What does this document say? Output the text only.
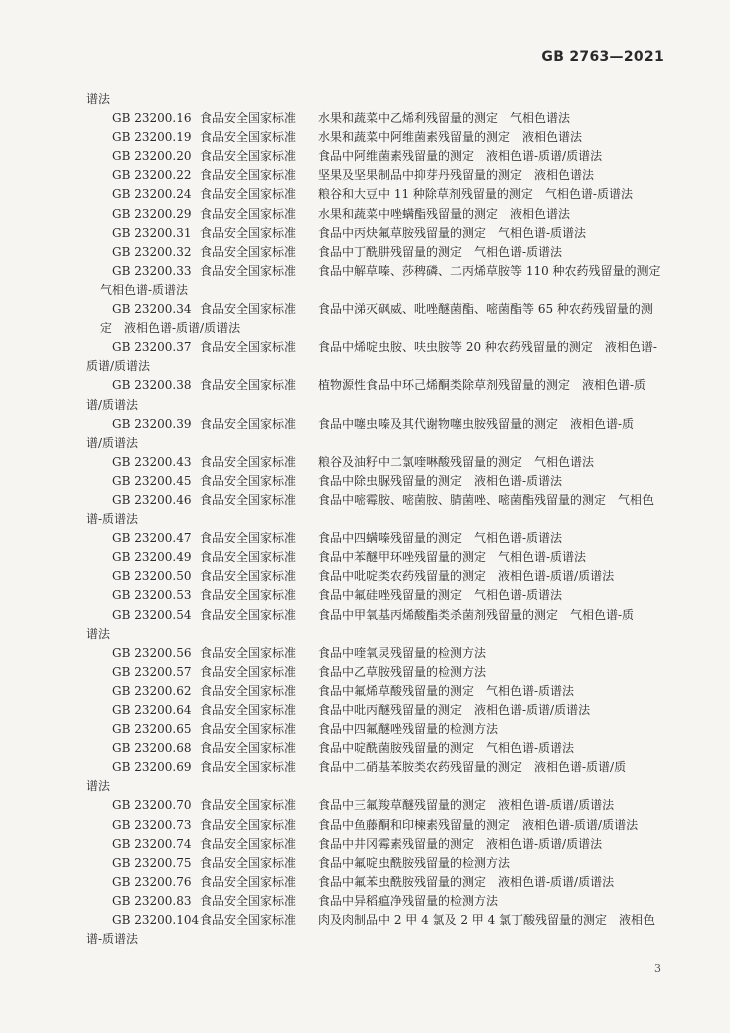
GB 2763—2021
谱法
GB 23200.16 食品安全国家标准 水果和蔬菜中乙烯利残留量的测定　气相色谱法
GB 23200.19 食品安全国家标准 水果和蔬菜中阿维菌素残留量的测定　液相色谱法
GB 23200.20 食品安全国家标准 食品中阿维菌素残留量的测定　液相色谱-质谱/质谱法
GB 23200.22 食品安全国家标准 坚果及坚果制品中抑芽丹残留量的测定　液相色谱法
GB 23200.24 食品安全国家标准 粮谷和大豆中 11 种除草剂残留量的测定　气相色谱-质谱法
GB 23200.29 食品安全国家标准 水果和蔬菜中唑螨酯残留量的测定　液相色谱法
GB 23200.31 食品安全国家标准 食品中丙炔氟草胺残留量的测定　气相色谱-质谱法
GB 23200.32 食品安全国家标准 食品中丁酰肼残留量的测定　气相色谱-质谱法
GB 23200.33 食品安全国家标准 食品中解草嗪、莎稗磷、二丙烯草胺等 110 种农药残留量的测定
气相色谱-质谱法
GB 23200.34 食品安全国家标准 食品中涕灭砜威、吡唑醚菌酯、嘧菌酯等 65 种农药残留量的测
定　液相色谱-质谱/质谱法
GB 23200.37 食品安全国家标准 食品中烯啶虫胺、呋虫胺等 20 种农药残留量的测定　液相色谱-
质谱/质谱法
GB 23200.38 食品安全国家标准 植物源性食品中环己烯酮类除草剂残留量的测定　液相色谱-质
谱/质谱法
GB 23200.39 食品安全国家标准 食品中噻虫嗪及其代谢物噻虫胺残留量的测定　液相色谱-质
谱/质谱法
GB 23200.43 食品安全国家标准 粮谷及油籽中二氯喹啉酸残留量的测定　气相色谱法
GB 23200.45 食品安全国家标准 食品中除虫脲残留量的测定　液相色谱-质谱法
GB 23200.46 食品安全国家标准 食品中嘧霉胺、嘧菌胺、腈菌唑、嘧菌酯残留量的测定　气相色
谱-质谱法
GB 23200.47 食品安全国家标准 食品中四螨嗪残留量的测定　气相色谱-质谱法
GB 23200.49 食品安全国家标准 食品中苯醚甲环唑残留量的测定　气相色谱-质谱法
GB 23200.50 食品安全国家标准 食品中吡啶类农药残留量的测定　液相色谱-质谱/质谱法
GB 23200.53 食品安全国家标准 食品中氟硅唑残留量的测定　气相色谱-质谱法
GB 23200.54 食品安全国家标准 食品中甲氧基丙烯酸酯类杀菌剂残留量的测定　气相色谱-质
谱法
GB 23200.56 食品安全国家标准 食品中喹氧灵残留量的检测方法
GB 23200.57 食品安全国家标准 食品中乙草胺残留量的检测方法
GB 23200.62 食品安全国家标准 食品中氟烯草酸残留量的测定　气相色谱-质谱法
GB 23200.64 食品安全国家标准 食品中吡丙醚残留量的测定　液相色谱-质谱/质谱法
GB 23200.65 食品安全国家标准 食品中四氟醚唑残留量的检测方法
GB 23200.68 食品安全国家标准 食品中啶酰菌胺残留量的测定　气相色谱-质谱法
GB 23200.69 食品安全国家标准 食品中二硝基苯胺类农药残留量的测定　液相色谱-质谱/质
谱法
GB 23200.70 食品安全国家标准 食品中三氟羧草醚残留量的测定　液相色谱-质谱/质谱法
GB 23200.73 食品安全国家标准 食品中鱼藤酮和印楝素残留量的测定　液相色谱-质谱/质谱法
GB 23200.74 食品安全国家标准 食品中井冈霉素残留量的测定　液相色谱-质谱/质谱法
GB 23200.75 食品安全国家标准 食品中氟啶虫酰胺残留量的检测方法
GB 23200.76 食品安全国家标准 食品中氟苯虫酰胺残留量的测定　液相色谱-质谱/质谱法
GB 23200.83 食品安全国家标准 食品中异稻瘟净残留量的检测方法
GB 23200.104食品安全国家标准 肉及肉制品中 2 甲 4 氯及 2 甲 4 氯丁酸残留量的测定　液相色
谱-质谱法
3
